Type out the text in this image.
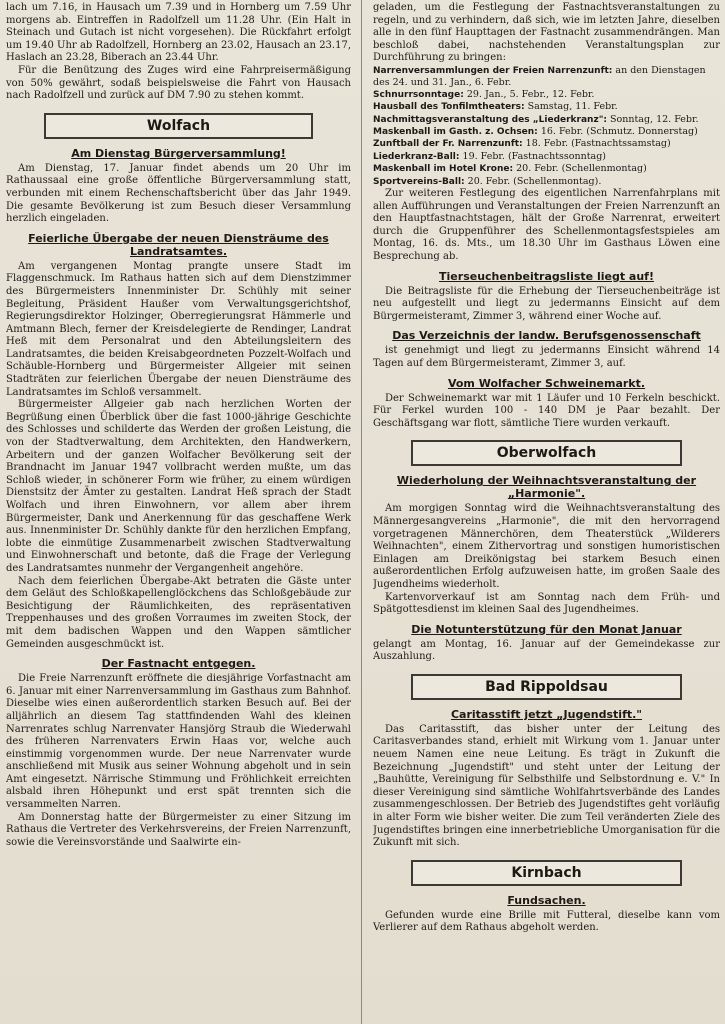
lach um 7.16, in Hausach um 7.39 und in Hornberg um 7.59 Uhr morgens ab. Eintreffen in Radolfzell um 11.28 Uhr. (Ein Halt in Steinach und Gutach ist nicht vorgesehen). Die Rückfahrt erfolgt um 19.40 Uhr ab Radolfzell, Hornberg an 23.02, Hausach an 23.17, Haslach an 23.28, Biberach an 23.44 Uhr.

Für die Benützung des Zuges wird eine Fahrpreisermäßigung von 50% gewährt, sodaß beispielsweise die Fahrt von Hausach nach Radolfzell und zurück auf DM 7.90 zu stehen kommt.

Wolfach
Am Dienstag Bürgerversammlung!

Am Dienstag, 17. Januar findet abends um 20 Uhr im Rathaussaal eine große öffentliche Bürgerversammlung statt, verbunden mit einem Rechenschaftsbericht über das Jahr 1949. Die gesamte Bevölkerung ist zum Besuch dieser Versammlung herzlich eingeladen.

Feierliche Übergabe der neuen Diensträume des Landratsamtes.

Am vergangenen Montag prangte unsere Stadt im Flaggenschmuck. Im Rathaus hatten sich auf dem Dienstzimmer des Bürgermeisters Innenminister Dr. Schühly mit seiner Begleitung, Präsident Haußer vom Verwaltungsgerichtshof, Regierungsdirektor Holzinger, Oberregierungsrat Hämmerle und Amtmann Blech, ferner der Kreisdelegierte de Rendinger, Landrat Heß mit dem Personalrat und den Abteilungsleitern des Landratsamtes, die beiden Kreisabgeordneten Pozzelt-Wolfach und Schäuble-Hornberg und Bürgermeister Allgeier mit seinen Stadträten zur feierlichen Übergabe der neuen Diensträume des Landratsamtes im Schloß versammelt.

Bürgermeister Allgeier gab nach herzlichen Worten der Begrüßung einen Überblick über die fast 1000-jährige Geschichte des Schlosses und schilderte das Werden der großen Leistung, die von der Stadtverwaltung, dem Architekten, den Handwerkern, Arbeitern und der ganzen Wolfacher Bevölkerung seit der Brandnacht im Januar 1947 vollbracht werden mußte, um das Schloß wieder, in schönerer Form wie früher, zu einem würdigen Dienstsitz der Ämter zu gestalten. Landrat Heß sprach der Stadt Wolfach und ihren Einwohnern, vor allem aber ihrem Bürgermeister, Dank und Anerkennung für das geschaffene Werk aus. Innenminister Dr. Schühly dankte für den herzlichen Empfang, lobte die einmütige Zusammenarbeit zwischen Stadtverwaltung und Einwohnerschaft und betonte, daß die Frage der Verlegung des Landratsamtes nunmehr der Vergangenheit angehöre.

Nach dem feierlichen Übergabe-Akt betraten die Gäste unter dem Geläut des Schloßkapellenglöckchens das Schloßgebäude zur Besichtigung der Räumlichkeiten, des repräsentativen Treppenhauses und des großen Vorraumes im zweiten Stock, der mit dem badischen Wappen und den Wappen sämtlicher Gemeinden ausgeschmückt ist.

Der Fastnacht entgegen.

Die Freie Narrenzunft eröffnete die diesjährige Vorfastnacht am 6. Januar mit einer Narrenversammlung im Gasthaus zum Bahnhof. Dieselbe wies einen außerordentlich starken Besuch auf. Bei der alljährlich an diesem Tag stattfindenden Wahl des kleinen Narrenrates schlug Narrenvater Hansjörg Straub die Wiederwahl des früheren Narrenvaters Erwin Haas vor, welche auch einstimmig vorgenommen wurde. Der neue Narrenvater wurde anschließend mit Musik aus seiner Wohnung abgeholt und in sein Amt eingesetzt. Närrische Stimmung und Fröhlichkeit erreichten alsbald ihren Höhepunkt und erst spät trennten sich die versammelten Narren.

Am Donnerstag hatte der Bürgermeister zu einer Sitzung im Rathaus die Vertreter des Verkehrsvereins, der Freien Narrenzunft, sowie die Vereinsvorstände und Saalwirte ein-

geladen, um die Festlegung der Fastnachtsveranstaltungen zu regeln, und zu verhindern, daß sich, wie im letzten Jahre, dieselben alle in den fünf Haupttagen der Fastnacht zusammendrängen. Man beschloß dabei, nachstehenden Veranstaltungsplan zur Durchführung zu bringen:

Narrenversammlungen der Freien Narrenzunft: an den Dienstagen des 24. und 31. Jan., 6. Febr.

Schnurrsonntage: 29. Jan., 5. Febr., 12. Febr.

Hausball des Tonfilmtheaters: Samstag, 11. Febr.

Nachmittagsveranstaltung des „Liederkranz": Sonntag, 12. Febr.

Maskenball im Gasth. z. Ochsen: 16. Febr. (Schmutz. Donnerstag)

Zunftball der Fr. Narrenzunft: 18. Febr. (Fastnachtssamstag)

Liederkranz-Ball: 19. Febr. (Fastnachtssonntag)

Maskenball im Hotel Krone: 20. Febr. (Schellenmontag)

Sportvereins-Ball: 20. Febr. (Schellenmontag).

Zur weiteren Festlegung des eigentlichen Narrenfahrplans mit allen Aufführungen und Veranstaltungen der Freien Narrenzunft an den Hauptfastnachtstagen, hält der Große Narrenrat, erweitert durch die Gruppenführer des Schellenmontagsfestspieles am Montag, 16. ds. Mts., um 18.30 Uhr im Gasthaus Löwen eine Besprechung ab.

Tierseuchenbeitragsliste liegt auf!

Die Beitragsliste für die Erhebung der Tierseuchenbeiträge ist neu aufgestellt und liegt zu jedermanns Einsicht auf dem Bürgermeisteramt, Zimmer 3, während einer Woche auf.

Das Verzeichnis der landw. Berufsgenossenschaft

ist genehmigt und liegt zu jedermanns Einsicht während 14 Tagen auf dem Bürgermeisteramt, Zimmer 3, auf.

Vom Wolfacher Schweinemarkt.

Der Schweinemarkt war mit 1 Läufer und 10 Ferkeln beschickt. Für Ferkel wurden 100 - 140 DM je Paar bezahlt. Der Geschäftsgang war flott, sämtliche Tiere wurden verkauft.

Oberwolfach
Wiederholung der Weihnachtsveranstaltung der „Harmonie".

Am morgigen Sonntag wird die Weihnachtsveranstaltung des Männergesangvereins „Harmonie", die mit den hervorragend vorgetragenen Männerchören, dem Theaterstück „Wilderers Weihnachten", einem Zithervortrag und sonstigen humoristischen Einlagen am Dreikönigstag bei starkem Besuch einen außerordentlichen Erfolg aufzuweisen hatte, im großen Saale des Jugendheims wiederholt.

Kartenvorverkauf ist am Sonntag nach dem Früh- und Spätgottesdienst im kleinen Saal des Jugendheimes.

Die Notunterstützung für den Monat Januar

gelangt am Montag, 16. Januar auf der Gemeindekasse zur Auszahlung.

Bad Rippoldsau
Caritasstift jetzt „Jugendstift."

Das Caritasstift, das bisher unter der Leitung des Caritasverbandes stand, erhielt mit Wirkung vom 1. Januar unter neuem Namen eine neue Leitung. Es trägt in Zukunft die Bezeichnung „Jugendstift" und steht unter der Leitung der „Bauhütte, Vereinigung für Selbsthilfe und Selbstordnung e. V." In dieser Vereinigung sind sämtliche Wohlfahrtsverbände des Landes zusammengeschlossen. Der Betrieb des Jugendstiftes geht vorläufig in alter Form wie bisher weiter. Die zum Teil veränderten Ziele des Jugendstiftes bringen eine innerbetriebliche Umorganisation für die Zukunft mit sich.

Kirnbach
Fundsachen.

Gefunden wurde eine Brille mit Futteral, dieselbe kann vom Verlierer auf dem Rathaus abgeholt werden.
